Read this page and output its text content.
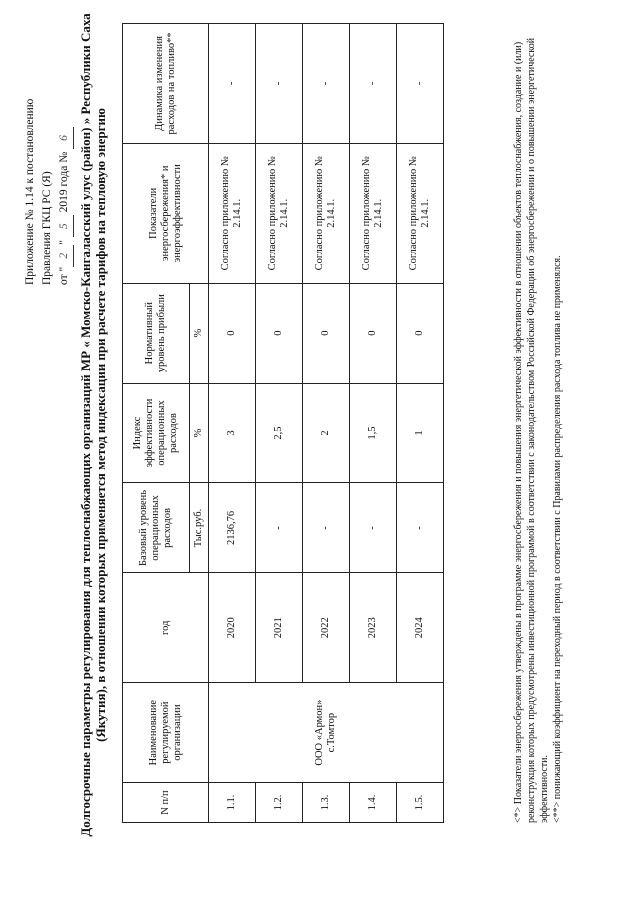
Приложение № 1.14 к постановлению Правления ГКЦ РС (Я) от "2" 5 2019 года № 6 Долгосрочные параметры регулирования для теплоснабжающих организаций МР « Момско-Кангаласский улус (район) » Республики Саха (Якутия), в отношении которых применяется метод индексации при расчете тарифов на тепловую энергию
N п/п	Наименование регулируемой организации	год	Базовый уровень операционных расходов	Индекс эффективности операционных расходов	Нормативный уровень прибыли	Показатели энергосбережения* и энергоэффективности	Динамика изменения расходов на топливо**
			Тыс.руб.	%	%		
1.1.	ООО «Армон» с.Томтор	2020	2136,76	3	0	Согласно приложению № 2.14.1.	-
1.2.		2021	-	2,5	0	Согласно приложению № 2.14.1.	-
1.3.		2022	-	2	0	Согласно приложению № 2.14.1.	-
1.4.		2023	-	1,5	0	Согласно приложению № 2.14.1.	-
1.5.		2024	-	1	0	Согласно приложению № 2.14.1.	-	<*> Показатели энергосбережения утверждены в программе энергосбережения и повышения энергетической эффективности в отношении объектов теплоснабжения, создание и (или) реконструкция которых предусмотрены инвестиционной программой в соответствии с законодательством Российской Федерации об энергосбережении и о повышении энергетической эффективности. <**> понижающий коэффициент на переходный период в соответствии с Правилами распределения расхода топлива не применялся.
